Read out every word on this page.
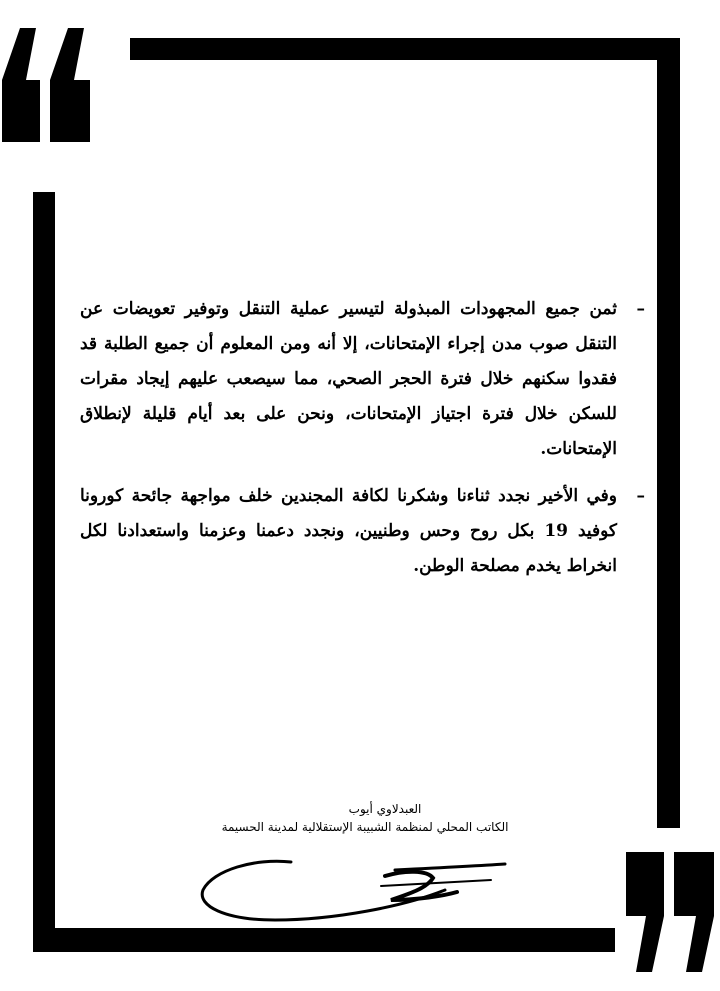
–
ثمن جميع المجهودات المبذولة لتيسير عملية التنقل وتوفير تعويضات عن التنقل صوب مدن إجراء الإمتحانات، إلا أنه ومن المعلوم أن جميع الطلبة قد فقدوا سكنهم خلال فترة الحجر الصحي، مما سيصعب عليهم إيجاد مقرات للسكن خلال فترة اجتياز الإمتحانات، ونحن على بعد أيام قليلة لإنطلاق الإمتحانات.

–
وفي الأخير نجدد ثناءنا وشكرنا لكافة المجندين خلف مواجهة جائحة كورونا كوفيد 19 بكل روح وحس وطنيين، ونجدد دعمنا وعزمنا واستعدادنا لكل انخراط يخدم مصلحة الوطن.

العبدلاوي أيوب
الكاتب المحلي لمنظمة الشبيبة الإستقلالية لمدينة الحسيمة
